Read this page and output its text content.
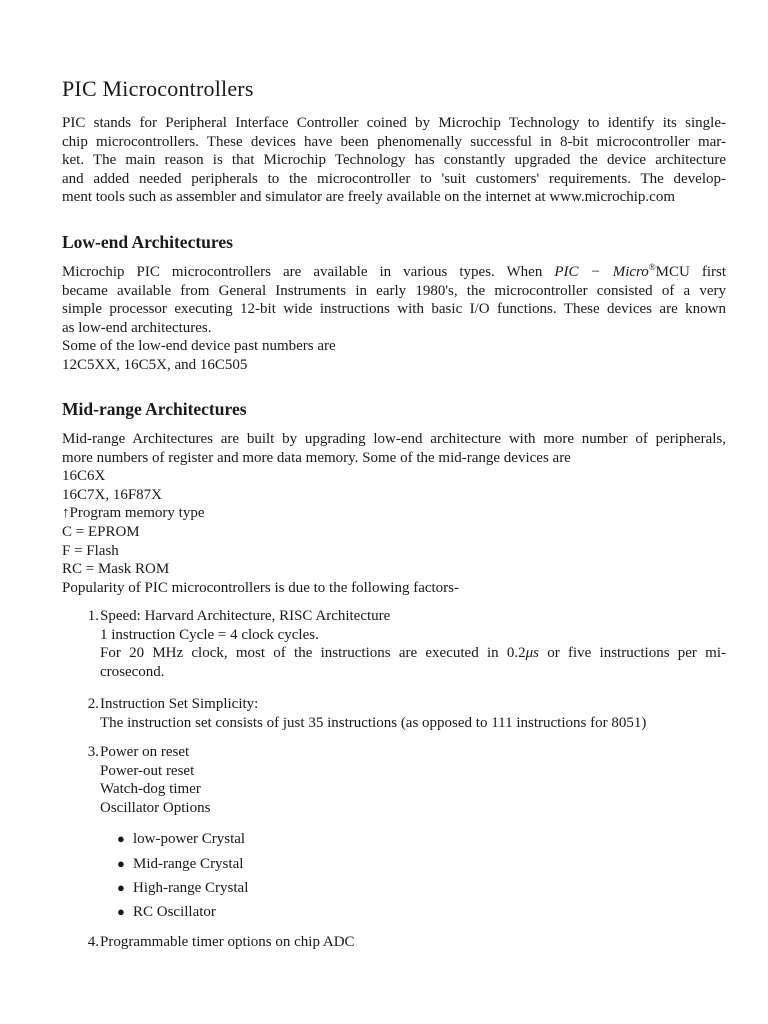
PIC Microcontrollers
PIC stands for Peripheral Interface Controller coined by Microchip Technology to identify its single-
chip microcontrollers. These devices have been phenomenally successful in 8-bit microcontroller mar-
ket. The main reason is that Microchip Technology has constantly upgraded the device architecture
and added needed peripherals to the microcontroller to 'suit customers' requirements. The develop-
ment tools such as assembler and simulator are freely available on the internet at www.microchip.com
Low-end Architectures
Microchip PIC microcontrollers are available in various types. When PIC − Micro®MCU first
became available from General Instruments in early 1980's, the microcontroller consisted of a very
simple processor executing 12-bit wide instructions with basic I/O functions. These devices are known
as low-end architectures.
Some of the low-end device past numbers are
12C5XX, 16C5X, and 16C505
Mid-range Architectures
Mid-range Architectures are built by upgrading low-end architecture with more number of peripherals,
more numbers of register and more data memory. Some of the mid-range devices are
16C6X
16C7X, 16F87X
↑Program memory type
C = EPROM
F = Flash
RC = Mask ROM
Popularity of PIC microcontrollers is due to the following factors-
1. Speed: Harvard Architecture, RISC Architecture
1 instruction Cycle = 4 clock cycles.
For 20 MHz clock, most of the instructions are executed in 0.2μs or five instructions per mi-
crosecond.
2. Instruction Set Simplicity:
The instruction set consists of just 35 instructions (as opposed to 111 instructions for 8051)
3. Power on reset
Power-out reset
Watch-dog timer
Oscillator Options
● low-power Crystal
● Mid-range Crystal
● High-range Crystal
● RC Oscillator
4. Programmable timer options on chip ADC
